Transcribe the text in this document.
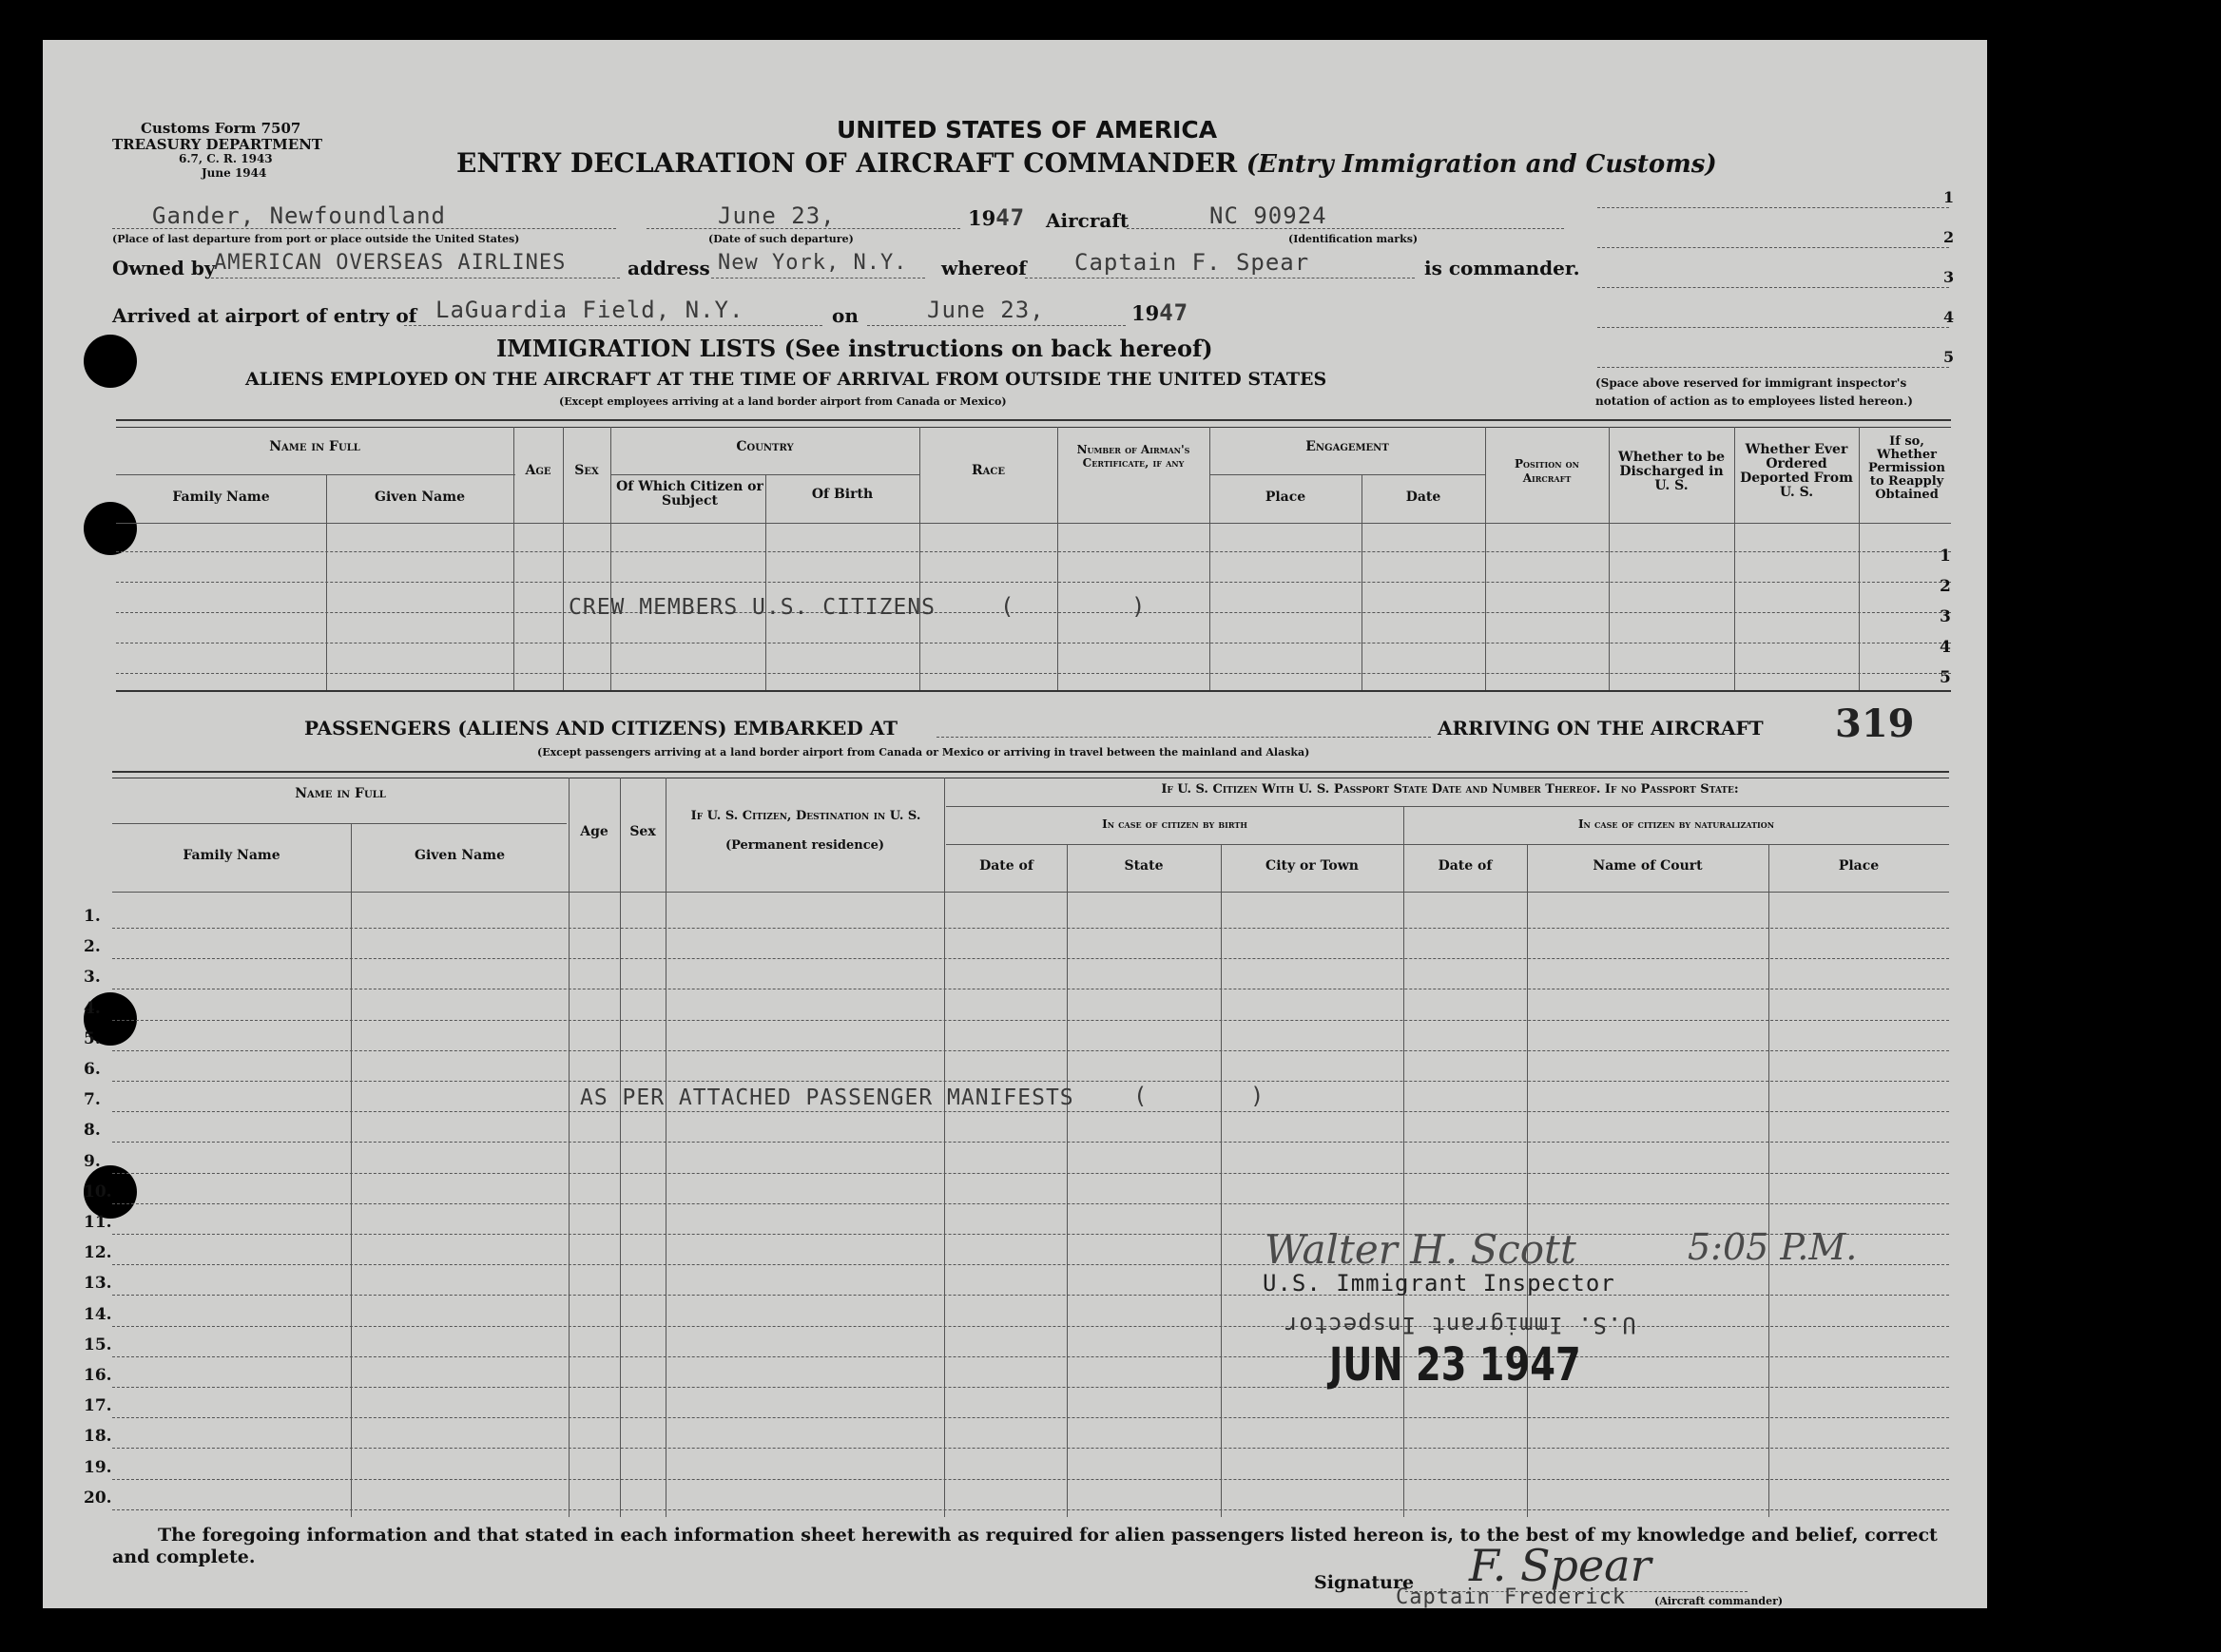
Customs Form 7507
TREASURY DEPARTMENT
6.7, C. R. 1943
June 1944
UNITED STATES OF AMERICA
ENTRY DECLARATION OF AIRCRAFT COMMANDER (Entry Immigration and Customs)
Gander, Newfoundland
(Place of last departure from port or place outside the United States)
June 23,
(Date of such departure)
1947 Aircraft	NC 90924
(Identification marks)
Owned by
AMERICAN OVERSEAS AIRLINES	address New York, N.Y. whereof Captain F. Spear	is commander.
Arrived at airport of entry of LaGuardia Field, N.Y.	on	June 23,	1947
1
2
3
4
5
(Space above reserved for immigrant inspector's notation of action as to employees listed hereon.)
IMMIGRATION LISTS (See instructions on back hereof)
ALIENS EMPLOYED ON THE AIRCRAFT AT THE TIME OF ARRIVAL FROM OUTSIDE THE UNITED STATES
(Except employees arriving at a land border airport from Canada or Mexico)
Name in Full
Family Name	Given Name
Age	Sex
Country
Of Which Citizen or Subject	Of Birth
Race
Number of Airman's Certificate, if any
Engagement
Place	Date
Position on Aircraft
Whether to be Discharged in U. S.
Whether Ever Ordered Deported From U. S.
If so, Whether Permission to Reapply Obtained
1
2
3
4
5
CREW MEMBERS U.S. CITIZENS	(	)
PASSENGERS (ALIENS AND CITIZENS) EMBARKED AT	ARRIVING ON THE AIRCRAFT 319
(Except passengers arriving at a land border airport from Canada or Mexico or arriving in travel between the mainland and Alaska)
Name in Full
Family Name	Given Name
Age	Sex
If U. S. Citizen, Destination in U. S.
(Permanent residence)
If U. S. Citizen With U. S. Passport State Date and Number Thereof. If no Passport State:
In case of citizen by birth	In case of citizen by naturalization
Date of	State	City or Town	Date of	Name of Court	Place
1.
2.
3.
4.
5.
6.
7.
8.
9.
10.
11.
12.
13.
14.
15.
16.
17.
18.
19.
20.
AS PER ATTACHED PASSENGER MANIFESTS	(	)
Walter H. Scott	5:05 P.M.
U.S. Immigrant Inspector
U.S. Immigrant Inspector
JUN 23 1947
The foregoing information and that stated in each information sheet herewith as required for alien passengers listed hereon is, to the best of my knowledge and belief, correct and complete.
Signature F. Spear
Captain Frederick	(Aircraft commander)
